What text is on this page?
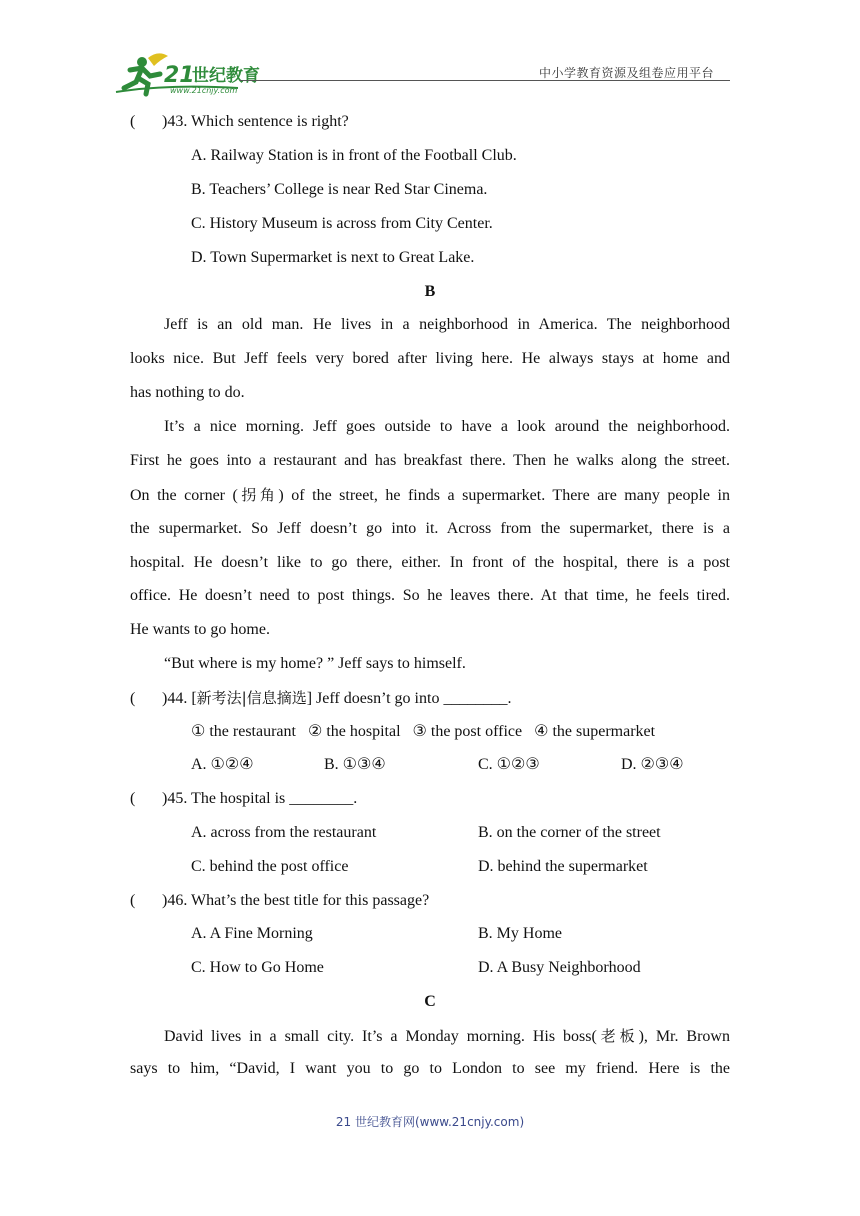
21
世纪教育
www.21cnjy.com
中小学教育资源及组卷应用平台
( )43. Which sentence is right?
A. Railway Station is in front of the Football Club.
B. Teachers’ College is near Red Star Cinema.
C. History Museum is across from City Center.
D. Town Supermarket is next to Great Lake.
B
Jeff is an old man. He lives in a neighborhood in America. The neighborhood
looks nice. But Jeff feels very bored after living here. He always stays at home and
has nothing to do.
It’s a nice morning. Jeff goes outside to have a look around the neighborhood.
First he goes into a restaurant and has breakfast there. Then he walks along the street.
On the corner (拐角) of the street, he finds a supermarket. There are many people in
the supermarket. So Jeff doesn’t go into it. Across from the supermarket, there is a
hospital. He doesn’t like to go there, either. In front of the hospital, there is a post
office. He doesn’t need to post things. So he leaves there. At that time, he feels tired.
He wants to go home.
“But where is my home? ” Jeff says to himself.
( )44. [新考法|信息摘选] Jeff doesn’t go into ________.
① the restaurant ② the hospital ③ the post office ④ the supermarket
A. ①②④	B. ①③④	C. ①②③	D. ②③④
( )45. The hospital is ________.
A. across from the restaurant	B. on the corner of the street
C. behind the post office	D. behind the supermarket
( )46. What’s the best title for this passage?
A. A Fine Morning	B. My Home
C. How to Go Home	D. A Busy Neighborhood
C
David lives in a small city. It’s a Monday morning. His boss(老板), Mr. Brown
says to him, “David, I want you to go to London to see my friend. Here is the
21 世纪教育网(www.21cnjy.com)
